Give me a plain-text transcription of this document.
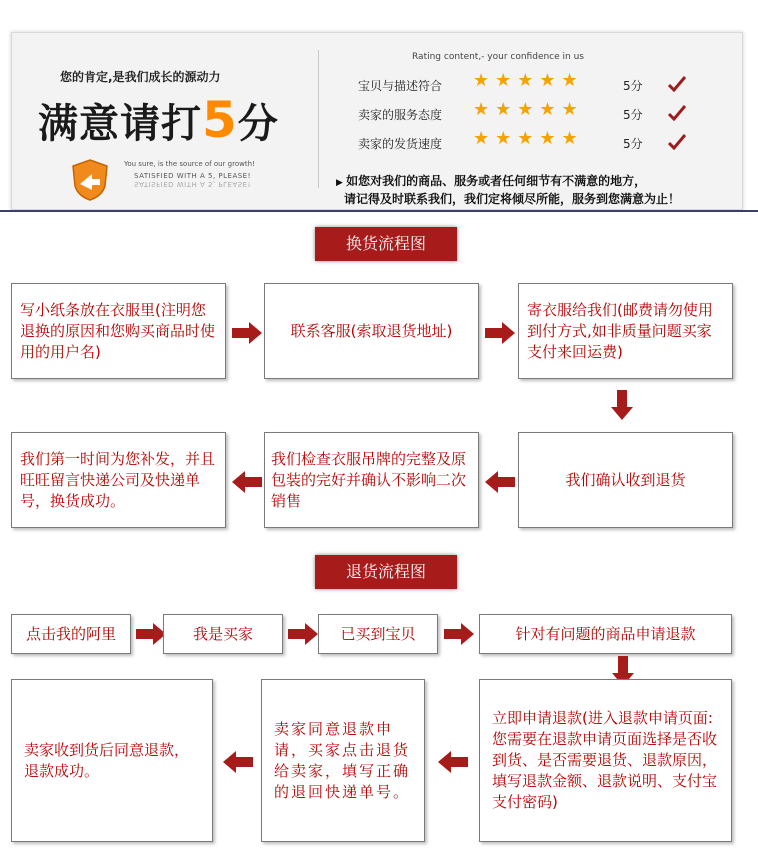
您的肯定,是我们成长的源动力
满意请打5分
You sure, is the source of our growth!
SATISFIED WITH A 5, PLEASE!
SATISFIED WITH A 5, PLEASE!
Rating content,- your confidence in us
宝贝与描述符合 ★★★★★	5分
卖家的服务态度 ★★★★★	5分
卖家的发货速度 ★★★★★	5分
▶ 如您对我们的商品、服务或者任何细节有不满意的地方，
请记得及时联系我们，我们定将倾尽所能，服务到您满意为止！
换货流程图
写小纸条放在衣服里(注明您退换的原因和您购买商品时使用的用户名)
联系客服(索取退货地址)
寄衣服给我们(邮费请勿使用到付方式,如非质量问题买家支付来回运费)
我们第一时间为您补发，并且旺旺留言快递公司及快递单号，换货成功。
我们检查衣服吊牌的完整及原包装的完好并确认不影响二次销售
我们确认收到退货
退货流程图
点击我的阿里	我是买家	已买到宝贝	针对有问题的商品申请退款
卖家收到货后同意退款，退款成功。
卖家同意退款申请，买家点击退货给卖家，填写正确的退回快递单号。
立即申请退款(进入退款申请页面:您需要在退款申请页面选择是否收到货、是否需要退货、退款原因，填写退款金额、退款说明、支付宝支付密码)
